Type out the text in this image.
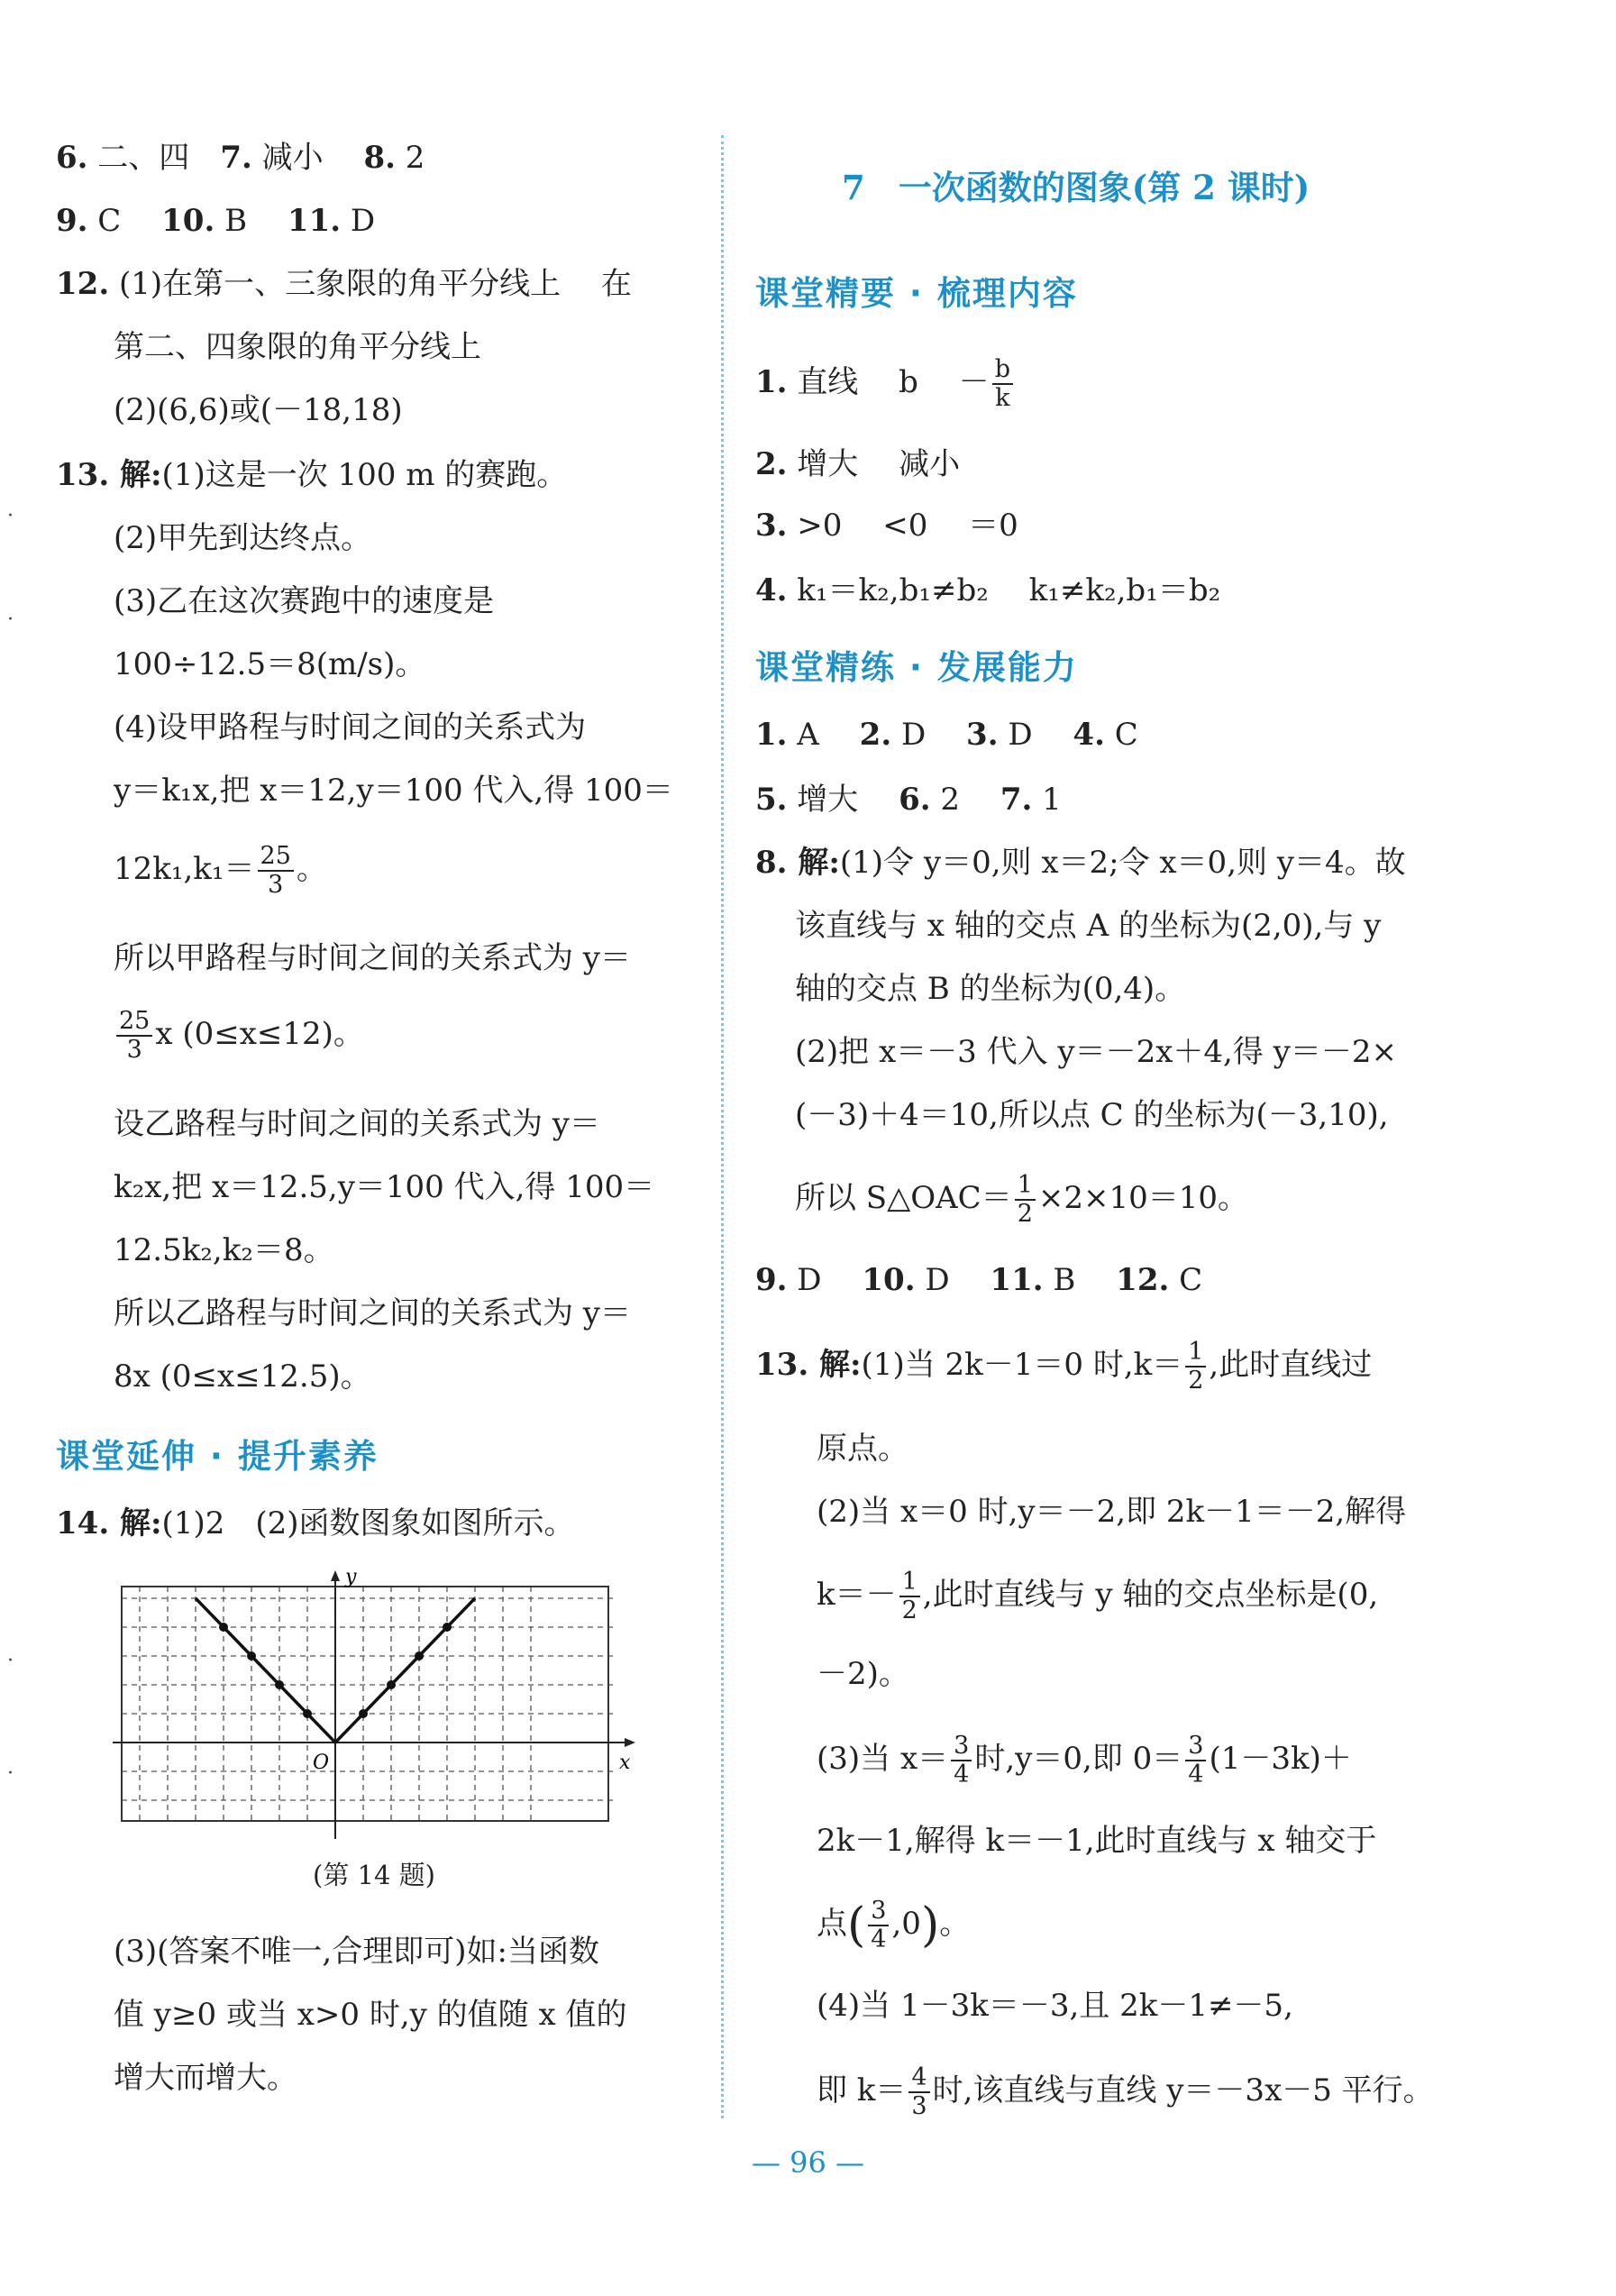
·
·
·
·
6. 二、四　7. 减小　 8. 2
9. C　 10. B　 11. D
12. (1)在第一、三象限的角平分线上　 在
第二、四象限的角平分线上
(2)(6,6)或(－18,18)
13. 解:(1)这是一次 100 m 的赛跑。
(2)甲先到达终点。
(3)乙在这次赛跑中的速度是
100÷12.5＝8(m/s)。
(4)设甲路程与时间之间的关系式为
y＝k₁x,把 x＝12,y＝100 代入,得 100＝
$12k_1,k_1= \frac{25}{3}$ 。
所以甲路程与时间之间的关系式为 y＝
$\frac{25}{3}$ x (0≤x≤12)。
设乙路程与时间之间的关系式为 y＝
k₂x,把 x＝12.5,y＝100 代入,得 100＝
12.5k₂,k₂＝8。
所以乙路程与时间之间的关系式为 y＝
8x (0≤x≤12.5)。
课堂延伸 · 提升素养
14. 解:(1)2　(2)函数图象如图所示。
(第 14 题)
(3)(答案不唯一,合理即可)如:当函数
值 y≥0 或当 x>0 时,y 的值随 x 值的
增大而增大。
y
x
O
7　一次函数的图象(第 2 课时)
课堂精要 · 梳理内容
1. 直线　 b　 － $\frac{b}{k}$
2. 增大　 减小
3. >0　 <0　 ＝0
4. k₁＝k₂,b₁≠b₂　 k₁≠k₂,b₁＝b₂
课堂精练 · 发展能力
1. A　 2. D　 3. D　 4. C
5. 增大　 6. 2　 7. 1
8. 解:(1)令 y＝0,则 x＝2;令 x＝0,则 y＝4。故
该直线与 x 轴的交点 A 的坐标为(2,0),与 y
轴的交点 B 的坐标为(0,4)。
(2)把 x＝－3 代入 y＝－2x＋4,得 y＝－2×
(－3)＋4＝10,所以点 C 的坐标为(－3,10),
所以 S△OAC＝ $\frac{1}{2} \times 2\times 10=10$。
9. D　 10. D　 11. B　 12. C
13. 解:(1)当 2k－1＝0 时$,k= \frac{1}{2}$ ,此时直线过
原点。
(2)当 x＝0 时,y＝－2,即 2k－1＝－2,解得
$k=- \frac{1}{2}$ ,此时直线与 y 轴的交点坐标是(0,
－2)。
(3)当 $x= \frac{3}{4}$ 时,y＝0,即 $0= \frac{3}{4} (1-3k)+$
2k－1,解得 k＝－1,此时直线与 x 轴交于
点( $\frac{3}{4} ,0$)。
(4)当 1－3k＝－3,且 2k－1≠－5,
即 $k= \frac{4}{3}$ 时,该直线与直线 y＝－3x－5 平行。
— 96 —
